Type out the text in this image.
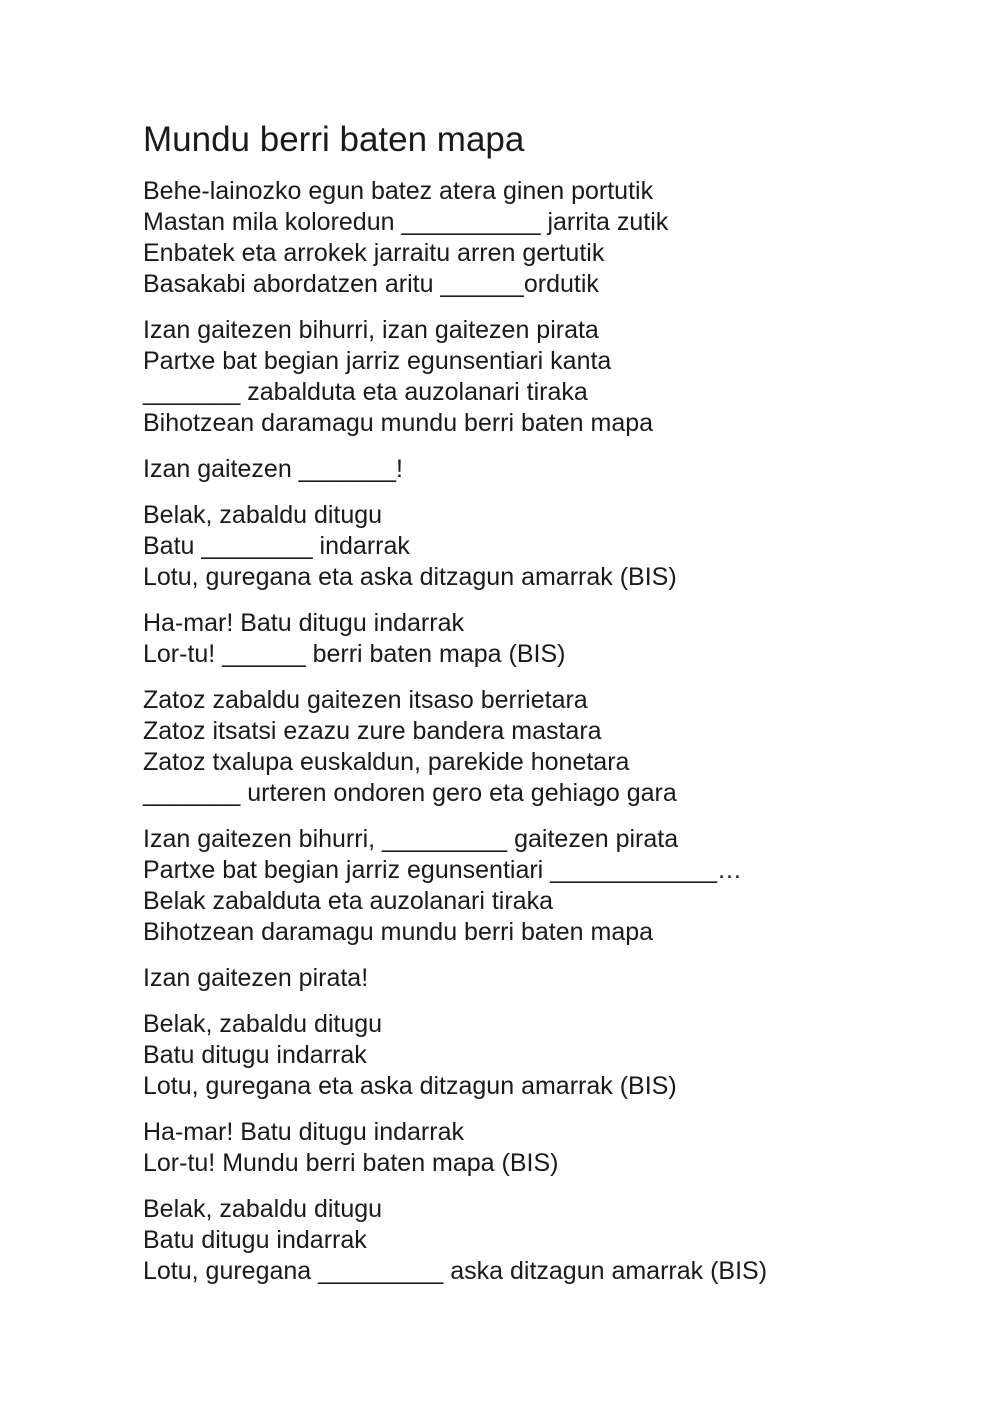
Mundu berri baten mapa
Behe-lainozko egun batez atera ginen portutik
Mastan mila koloredun __________ jarrita zutik
Enbatek eta arrokek jarraitu arren gertutik
Basakabi abordatzen aritu ______ordutik
Izan gaitezen bihurri, izan gaitezen pirata
Partxe bat begian jarriz egunsentiari kanta
_______ zabalduta eta auzolanari tiraka
Bihotzean daramagu mundu berri baten mapa
Izan gaitezen _______!
Belak, zabaldu ditugu
Batu ________ indarrak
Lotu, guregana eta aska ditzagun amarrak (BIS)
Ha-mar! Batu ditugu indarrak
Lor-tu! ______ berri baten mapa (BIS)
Zatoz zabaldu gaitezen itsaso berrietara
Zatoz itsatsi ezazu zure bandera mastara
Zatoz txalupa euskaldun, parekide honetara
_______ urteren ondoren gero eta gehiago gara
Izan gaitezen bihurri, _________ gaitezen pirata
Partxe bat begian jarriz egunsentiari ____________…
Belak zabalduta eta auzolanari tiraka
Bihotzean daramagu mundu berri baten mapa
Izan gaitezen pirata!
Belak, zabaldu ditugu
Batu ditugu indarrak
Lotu, guregana eta aska ditzagun amarrak (BIS)
Ha-mar! Batu ditugu indarrak
Lor-tu! Mundu berri baten mapa (BIS)
Belak, zabaldu ditugu
Batu ditugu indarrak
Lotu, guregana _________ aska ditzagun amarrak (BIS)
